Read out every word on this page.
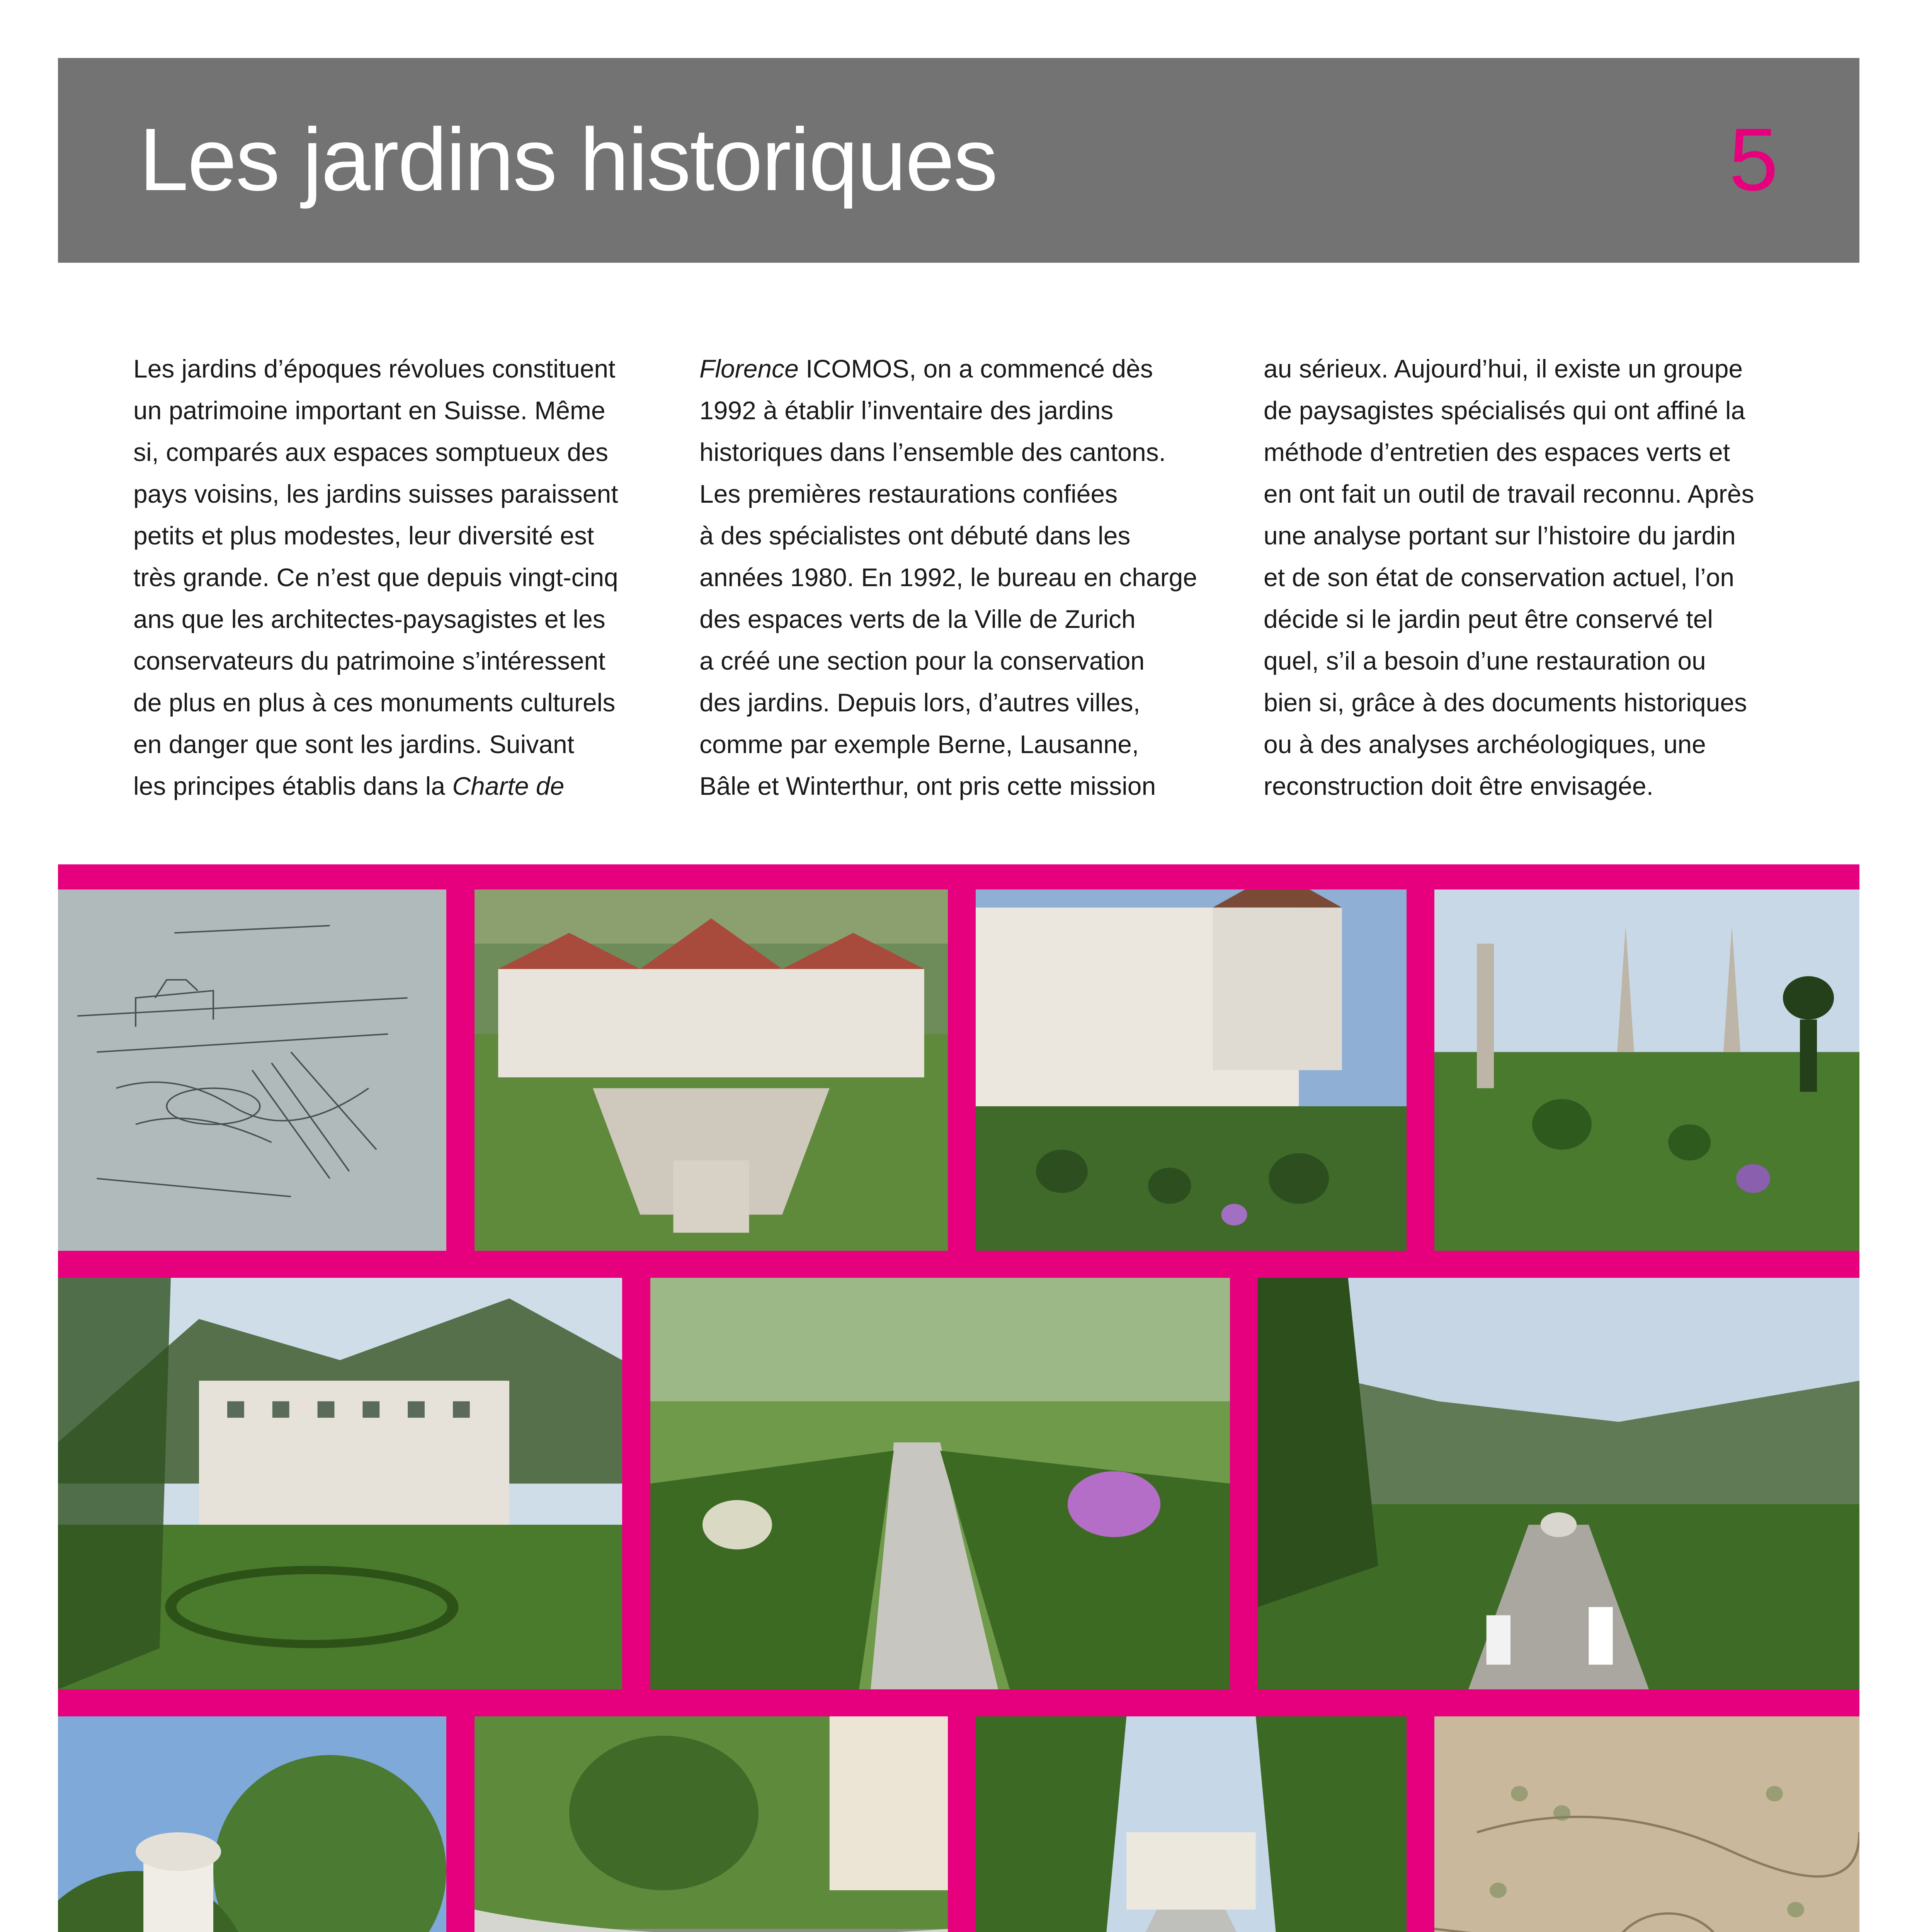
Les jardins historiques	5
Les jardins d’époques révolues constituent
un patrimoine important en Suisse. Même
si, comparés aux espaces somptueux des
pays voisins, les jardins suisses paraissent
petits et plus modestes, leur diversité est
très grande. Ce n’est que depuis vingt-cinq
ans que les architectes-paysagistes et les
conservateurs du patrimoine s’intéressent
de plus en plus à ces monuments culturels
en danger que sont les jardins. Suivant
les principes établis dans la Charte de
Florence ICOMOS, on a commencé dès
1992 à établir l’inventaire des jardins
historiques dans l’ensemble des cantons.
Les premières restaurations confiées
à des spécialistes ont débuté dans les
années 1980. En 1992, le bureau en charge
des espaces verts de la Ville de Zurich
a créé une section pour la conservation
des jardins. Depuis lors, d’autres villes,
comme par exemple Berne, Lausanne,
Bâle et Winterthur, ont pris cette mission
au sérieux. Aujourd’hui, il existe un groupe
de paysagistes spécialisés qui ont affiné la
méthode d’entretien des espaces verts et
en ont fait un outil de travail reconnu. Après
une analyse portant sur l’histoire du jardin
et de son état de conservation actuel, l’on
décide si le jardin peut être conservé tel
quel, s’il a besoin d’une restauration ou
bien si, grâce à des documents historiques
ou à des analyses archéologiques, une
reconstruction doit être envisagée.
